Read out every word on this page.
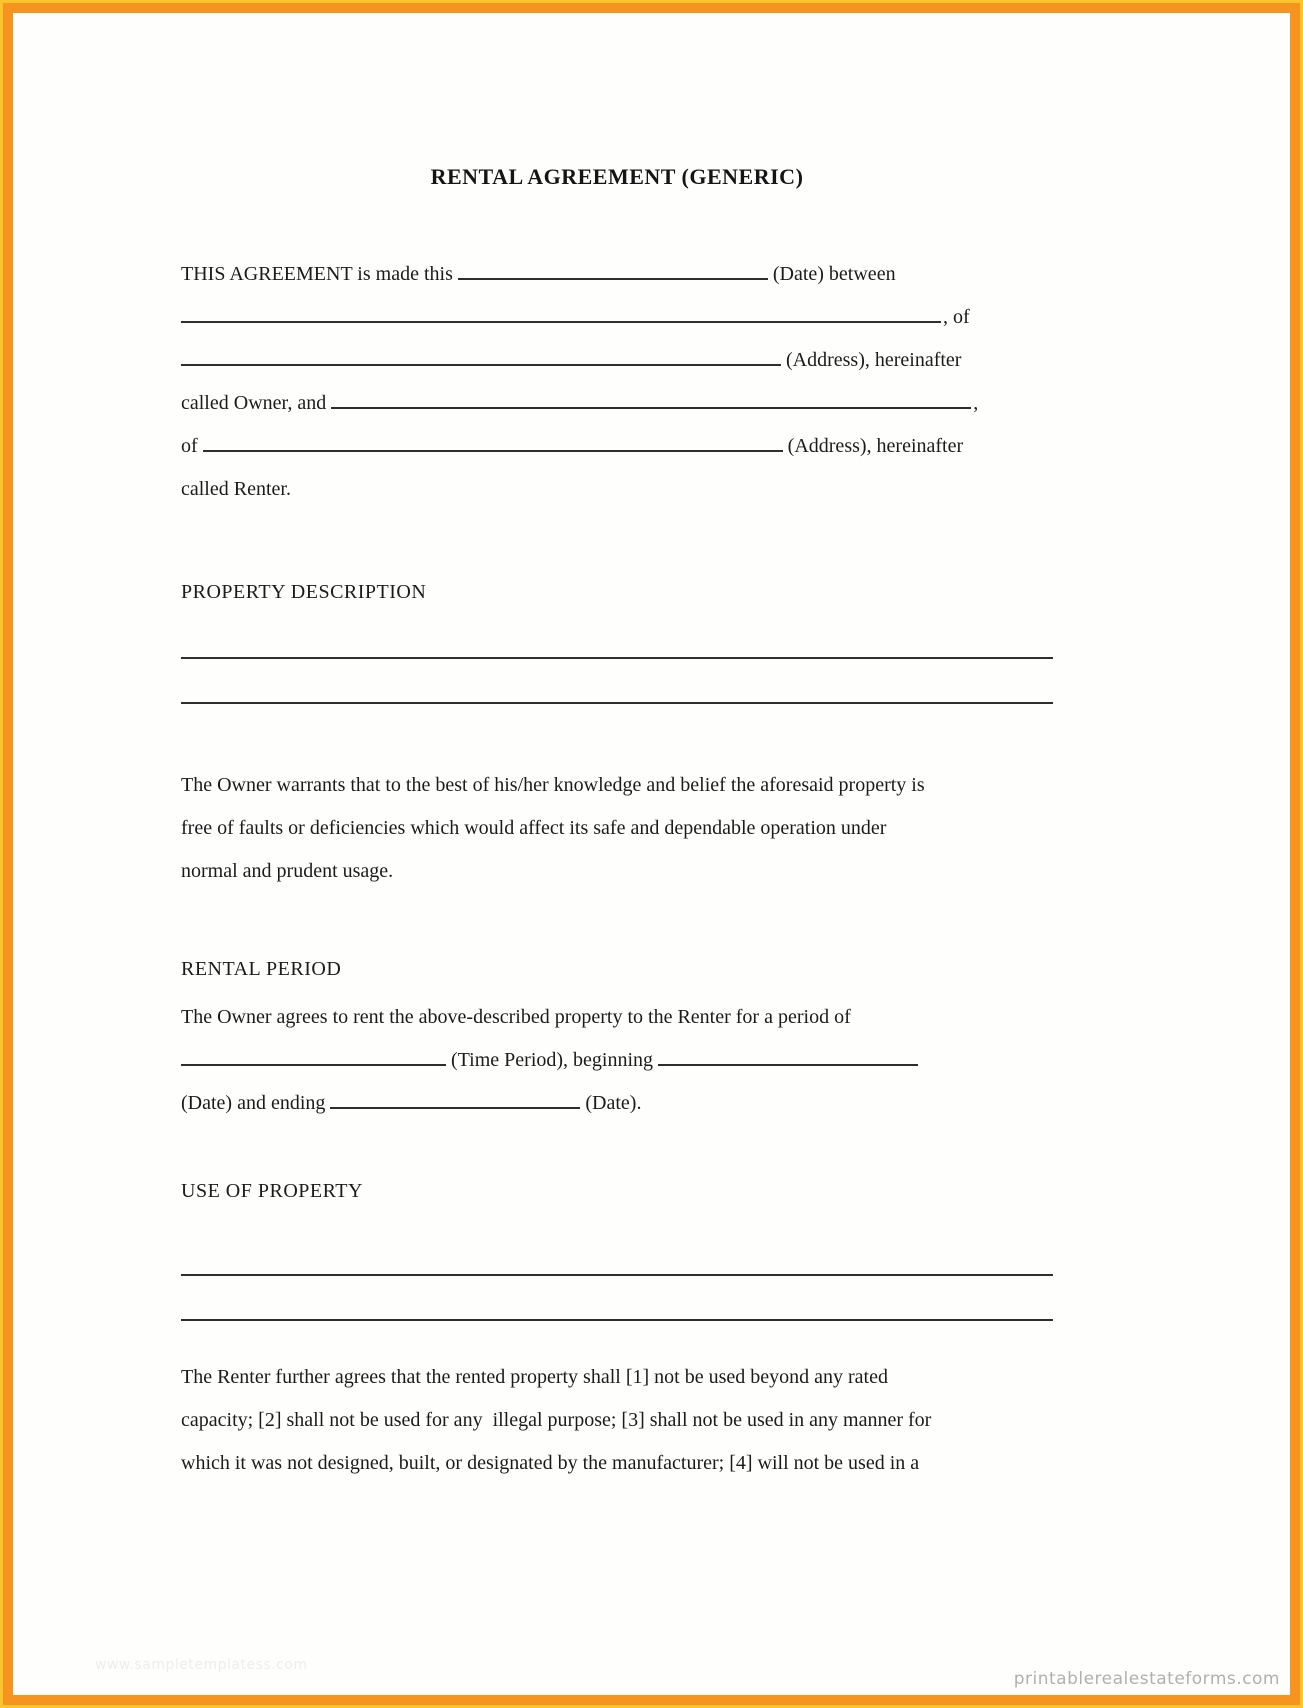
RENTAL AGREEMENT (GENERIC)
THIS AGREEMENT is made this	(Date) between
, of
(Address), hereinafter
called Owner, and	,
of	(Address), hereinafter
called Renter.
PROPERTY DESCRIPTION
The Owner warrants that to the best of his/her knowledge and belief the aforesaid property is
free of faults or deficiencies which would affect its safe and dependable operation under
normal and prudent usage.
RENTAL PERIOD
The Owner agrees to rent the above-described property to the Renter for a period of
(Time Period), beginning
(Date) and ending	(Date).
USE OF PROPERTY
The Renter further agrees that the rented property shall [1] not be used beyond any rated
capacity; [2] shall not be used for any  illegal purpose; [3] shall not be used in any manner for
which it was not designed, built, or designated by the manufacturer; [4] will not be used in a
www.sampletemplatess.com
printablerealestateforms.com
